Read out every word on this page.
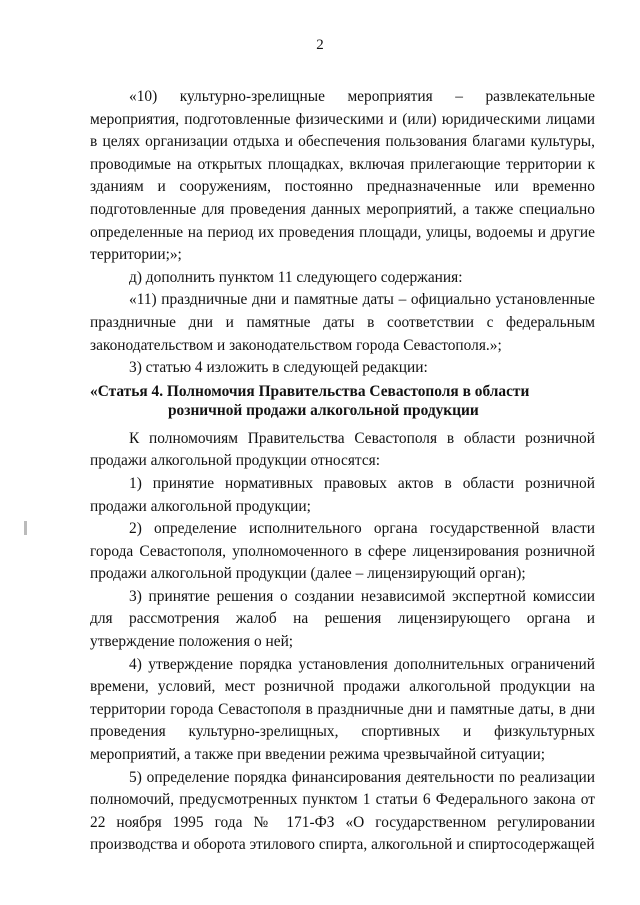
2

«10) культурно-зрелищные мероприятия – развлекательные мероприятия, подготовленные физическими и (или) юридическими лицами в целях организации отдыха и обеспечения пользования благами культуры, проводимые на открытых площадках, включая прилегающие территории к зданиям и сооружениям, постоянно предназначенные или временно подготовленные для проведения данных мероприятий, а также специально определенные на период их проведения площади, улицы, водоемы и другие территории;»;

д) дополнить пунктом 11 следующего содержания:

«11) праздничные дни и памятные даты – официально установленные праздничные дни и памятные даты в соответствии с федеральным законодательством и законодательством города Севастополя.»;

3) статью 4 изложить в следующей редакции:

«Статья 4. Полномочия Правительства Севастополя в области
розничной продажи алкогольной продукции

К полномочиям Правительства Севастополя в области розничной продажи алкогольной продукции относятся:

1) принятие нормативных правовых актов в области розничной продажи алкогольной продукции;

2) определение исполнительного органа государственной власти города Севастополя, уполномоченного в сфере лицензирования розничной продажи алкогольной продукции (далее – лицензирующий орган);

3) принятие решения о создании независимой экспертной комиссии для рассмотрения жалоб на решения лицензирующего органа и утверждение положения о ней;

4) утверждение порядка установления дополнительных ограничений времени, условий, мест розничной продажи алкогольной продукции на территории города Севастополя в праздничные дни и памятные даты, в дни проведения культурно-зрелищных, спортивных и физкультурных мероприятий, а также при введении режима чрезвычайной ситуации;

5) определение порядка финансирования деятельности по реализации полномочий, предусмотренных пунктом 1 статьи 6 Федерального закона от 22 ноября 1995 года № 171-ФЗ «О государственном регулировании производства и оборота этилового спирта, алкогольной и спиртосодержащей
